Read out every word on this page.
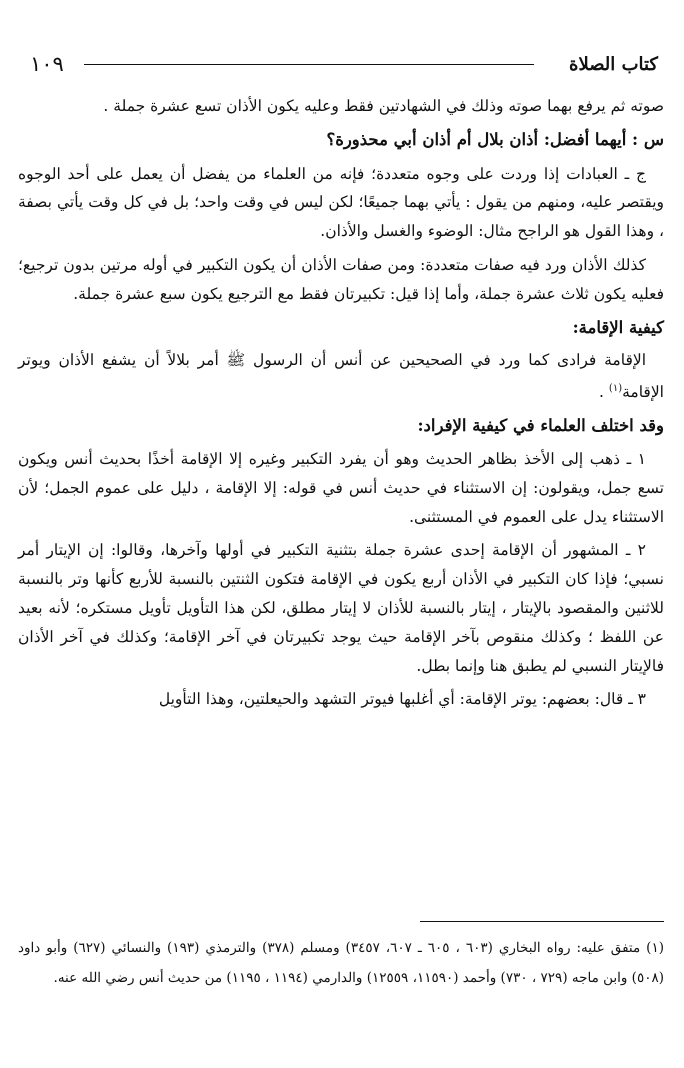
١٠٩	كتاب الصلاة

صوته ثم يرفع بهما صوته وذلك في الشهادتين فقط وعليه يكون الأذان تسع عشرة جملة .

س : أيهما أفضل: أذان بلال أم أذان أبي محذورة؟

ج ـ العبادات إذا وردت على وجوه متعددة؛ فإنه من العلماء من يفضل أن يعمل على أحد الوجوه ويقتصر عليه، ومنهم من يقول : يأتي بهما جميعًا؛ لكن ليس في وقت واحد؛ بل في كل وقت يأتي بصفة ، وهذا القول هو الراجح مثال: الوضوء والغسل والأذان.

كذلك الأذان ورد فيه صفات متعددة: ومن صفات الأذان أن يكون التكبير في أوله مرتين بدون ترجيع؛ فعليه يكون ثلاث عشرة جملة، وأما إذا قيل: تكبيرتان فقط مع الترجيع يكون سبع عشرة جملة.

كيفية الإقامة:

الإقامة فرادى كما ورد في الصحيحين عن أنس أن الرسول ﷺ أمر بلالاً أن يشفع الأذان ويوتر الإقامة$^{(١)}$ .

وقد اختلف العلماء في كيفية الإفراد:

١ ـ ذهب إلى الأخذ بظاهر الحديث وهو أن يفرد التكبير وغيره إلا الإقامة أخذًا بحديث أنس ويكون تسع جمل، ويقولون: إن الاستثناء في حديث أنس في قوله: إلا الإقامة ، دليل على عموم الجمل؛ لأن الاستثناء يدل على العموم في المستثنى.

٢ ـ المشهور أن الإقامة إحدى عشرة جملة بتثنية التكبير في أولها وآخرها، وقالوا: إن الإيتار أمر نسبي؛ فإذا كان التكبير في الأذان أربع يكون في الإقامة فتكون الثنتين بالنسبة للأربع كأنها وتر بالنسبة للاثنين والمقصود بالإيتار ، إيتار بالنسبة للأذان لا إيتار مطلق، لكن هذا التأويل تأويل مستكره؛ لأنه بعيد عن اللفظ ؛ وكذلك منقوص بآخر الإقامة حيث يوجد تكبيرتان في آخر الإقامة؛ وكذلك في آخر الأذان فالإيتار النسبي لم يطبق هنا وإنما بطل.

٣ ـ قال: بعضهم: يوتر الإقامة: أي أغلبها فيوتر التشهد والحيعلتين، وهذا التأويل

(١) متفق عليه: رواه البخاري (٦٠٣ ، ٦٠٥ ـ ٦٠٧، ٣٤٥٧) ومسلم (٣٧٨) والترمذي (١٩٣) والنسائي (٦٢٧) وأبو داود (٥٠٨) وابن ماجه (٧٢٩ ، ٧٣٠) وأحمد (١١٥٩٠، ١٢٥٥٩) والدارمي (١١٩٤ ، ١١٩٥) من حديث أنس رضي الله عنه.
